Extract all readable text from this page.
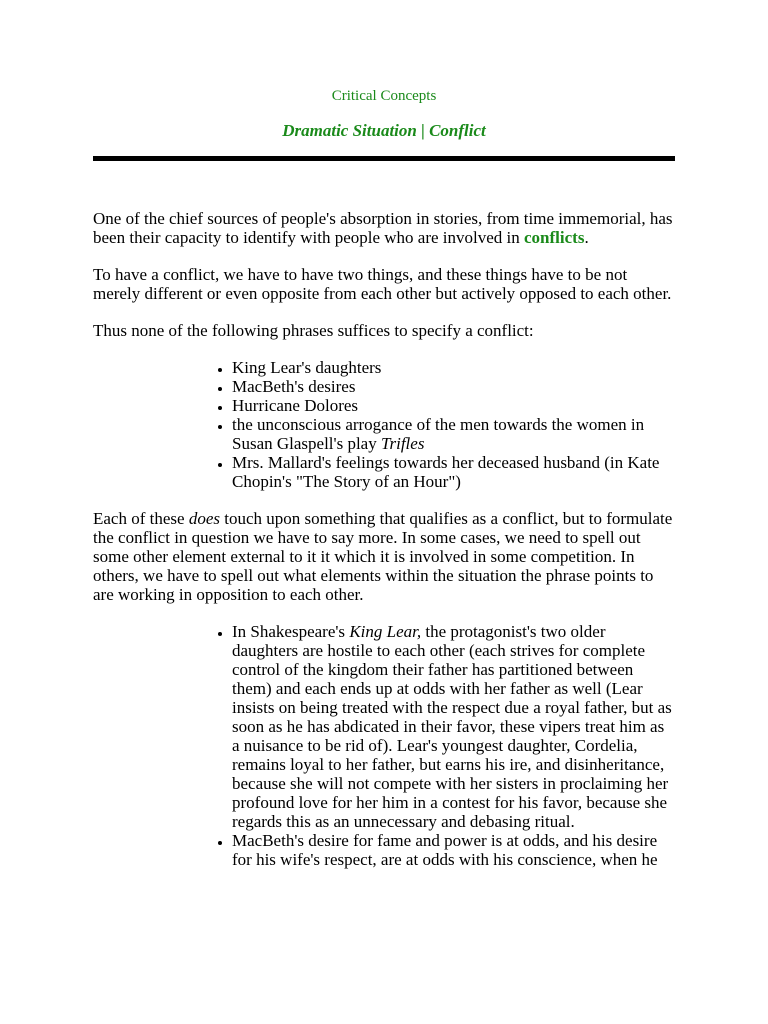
Critical Concepts
Dramatic Situation | Conflict

One of the chief sources of people's absorption in stories, from time immemorial, has been their capacity to identify with people who are involved in conflicts.

To have a conflict, we have to have two things, and these things have to be not merely different or even opposite from each other but actively opposed to each other.

Thus none of the following phrases suffices to specify a conflict:

• King Lear's daughters
• MacBeth's desires
• Hurricane Dolores
• the unconscious arrogance of the men towards the women in Susan Glaspell's play Trifles
• Mrs. Mallard's feelings towards her deceased husband (in Kate Chopin's "The Story of an Hour")

Each of these does touch upon something that qualifies as a conflict, but to formulate the conflict in question we have to say more. In some cases, we need to spell out some other element external to it it which it is involved in some competition. In others, we have to spell out what elements within the situation the phrase points to are working in opposition to each other.

• In Shakespeare's King Lear, the protagonist's two older daughters are hostile to each other (each strives for complete control of the kingdom their father has partitioned between them) and each ends up at odds with her father as well (Lear insists on being treated with the respect due a royal father, but as soon as he has abdicated in their favor, these vipers treat him as a nuisance to be rid of). Lear's youngest daughter, Cordelia, remains loyal to her father, but earns his ire, and disinheritance, because she will not compete with her sisters in proclaiming her profound love for her him in a contest for his favor, because she regards this as an unnecessary and debasing ritual.
• MacBeth's desire for fame and power is at odds, and his desire for his wife's respect, are at odds with his conscience, when he
